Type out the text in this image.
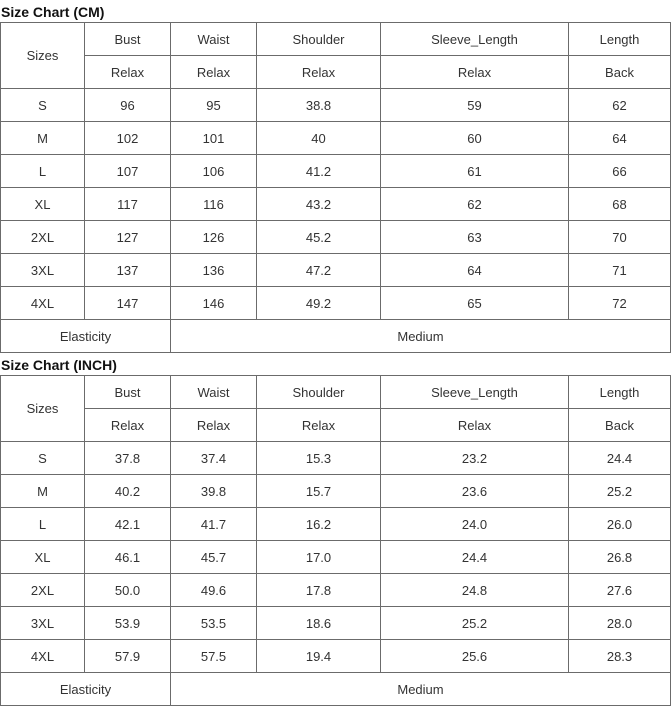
Size Chart (CM)
Sizes	Bust	Waist	Shoulder	Sleeve_Length	Length
	Relax	Relax	Relax	Relax	Back
S	96	95	38.8	59	62
M	102	101	40	60	64
L	107	106	41.2	61	66
XL	117	116	43.2	62	68
2XL	127	126	45.2	63	70
3XL	137	136	47.2	64	71
4XL	147	146	49.2	65	72
Elasticity		Medium			
Size Chart (INCH)
Sizes	Bust	Waist	Shoulder	Sleeve_Length	Length
	Relax	Relax	Relax	Relax	Back
S	37.8	37.4	15.3	23.2	24.4
M	40.2	39.8	15.7	23.6	25.2
L	42.1	41.7	16.2	24.0	26.0
XL	46.1	45.7	17.0	24.4	26.8
2XL	50.0	49.6	17.8	24.8	27.6
3XL	53.9	53.5	18.6	25.2	28.0
4XL	57.9	57.5	19.4	25.6	28.3
Elasticity		Medium			
